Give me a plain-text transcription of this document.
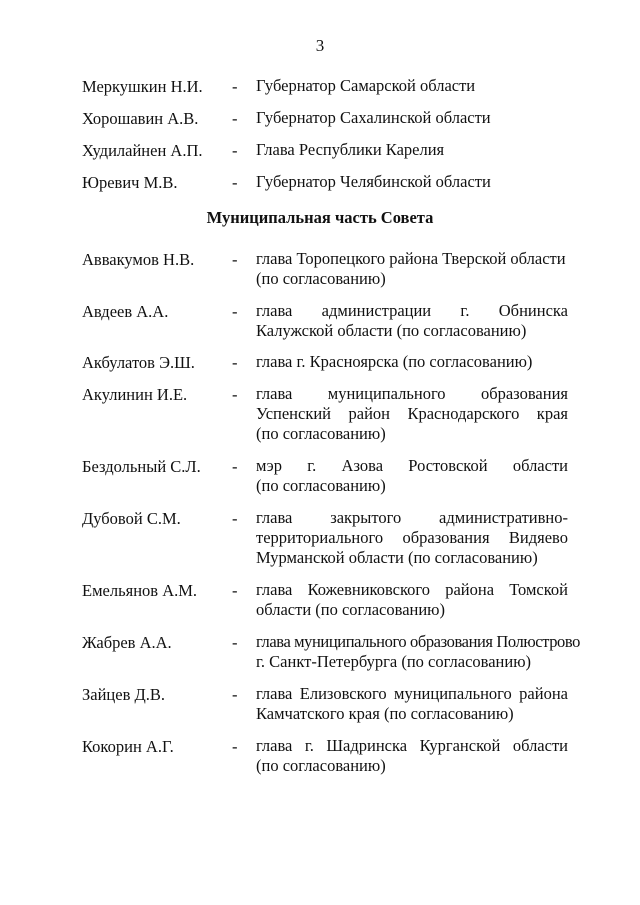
3
Меркушкин Н.И. - Губернатор Самарской области
Хорошавин А.В. - Губернатор Сахалинской области
Худилайнен А.П. - Глава Республики Карелия
Юревич М.В.	- Губернатор Челябинской области
Муниципальная часть Совета
Аввакумов Н.В. - глава Торопецкого района Тверской области
(по согласованию)
Авдеев А.А.	- глава администрации г. Обнинска
Калужской области (по согласованию)
Акбулатов Э.Ш. - глава г. Красноярска (по согласованию)
Акулинин И.Е.	- глава муниципального образования
Успенский район Краснодарского края
(по согласованию)
Бездольный С.Л. - мэр г. Азова Ростовской области
(по согласованию)
Дубовой С.М.	- глава закрытого административно-
территориального образования Видяево
Мурманской области (по согласованию)
Емельянов А.М. - глава Кожевниковского района Томской
области (по согласованию)
Жабрев А.А.	- глава муниципального образования Полюстрово
г. Санкт-Петербурга (по согласованию)
Зайцев Д.В.	- глава Елизовского муниципального района
Камчатского края (по согласованию)
Кокорин А.Г.	- глава г. Шадринска Курганской области
(по согласованию)
